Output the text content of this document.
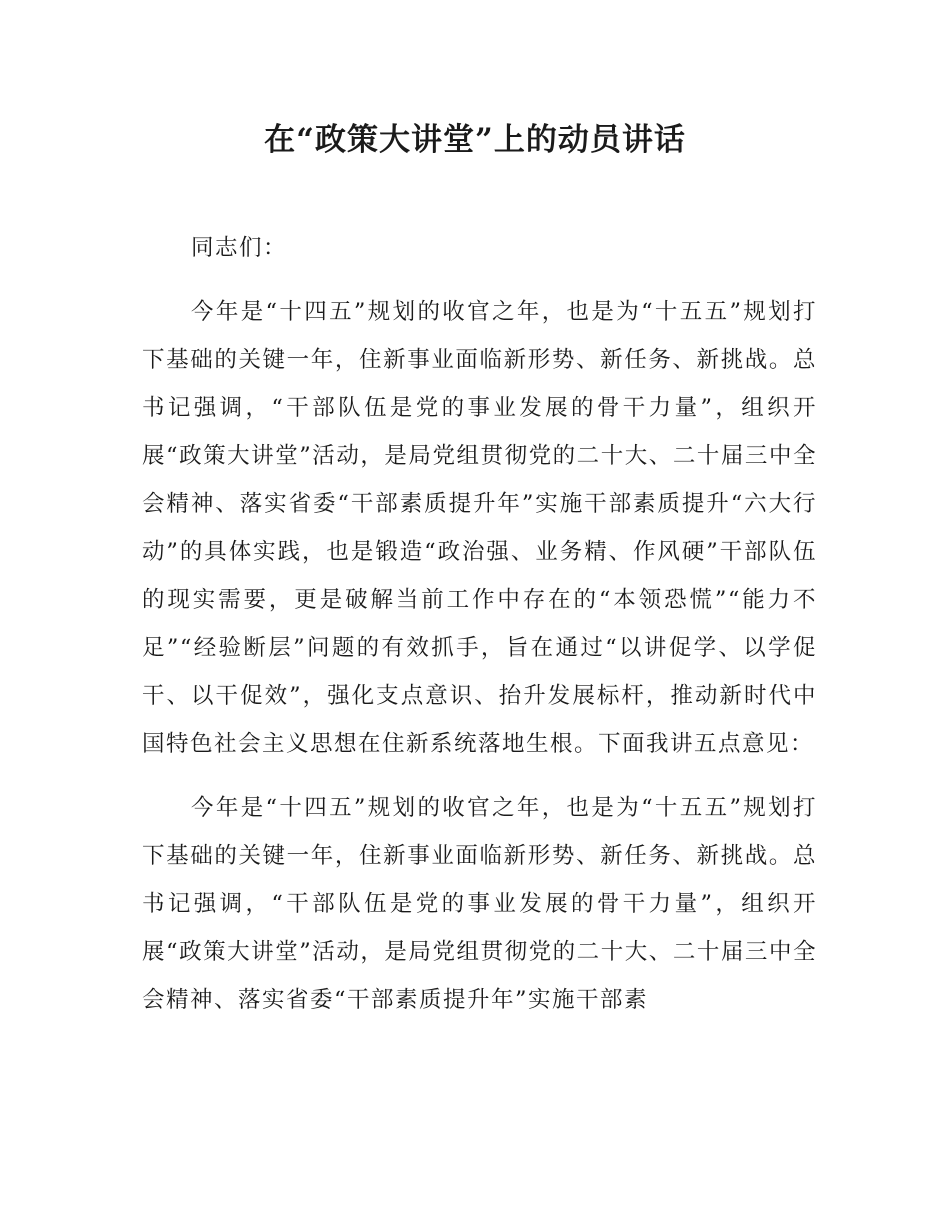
在“政策大讲堂”上的动员讲话

同志们：

今年是“十四五”规划的收官之年，也是为“十五五”规划打下基础的关键一年，住新事业面临新形势、新任务、新挑战。总书记强调，“干部队伍是党的事业发展的骨干力量”，组织开展“政策大讲堂”活动，是局党组贯彻党的二十大、二十届三中全会精神、落实省委“干部素质提升年”实施干部素质提升“六大行动”的具体实践，也是锻造“政治强、业务精、作风硬”干部队伍的现实需要，更是破解当前工作中存在的“本领恐慌”“能力不足”“经验断层”问题的有效抓手，旨在通过“以讲促学、以学促干、以干促效”，强化支点意识、抬升发展标杆，推动新时代中国特色社会主义思想在住新系统落地生根。下面我讲五点意见：

今年是“十四五”规划的收官之年，也是为“十五五”规划打下基础的关键一年，住新事业面临新形势、新任务、新挑战。总书记强调，“干部队伍是党的事业发展的骨干力量”，组织开展“政策大讲堂”活动，是局党组贯彻党的二十大、二十届三中全会精神、落实省委“干部素质提升年”实施干部素
